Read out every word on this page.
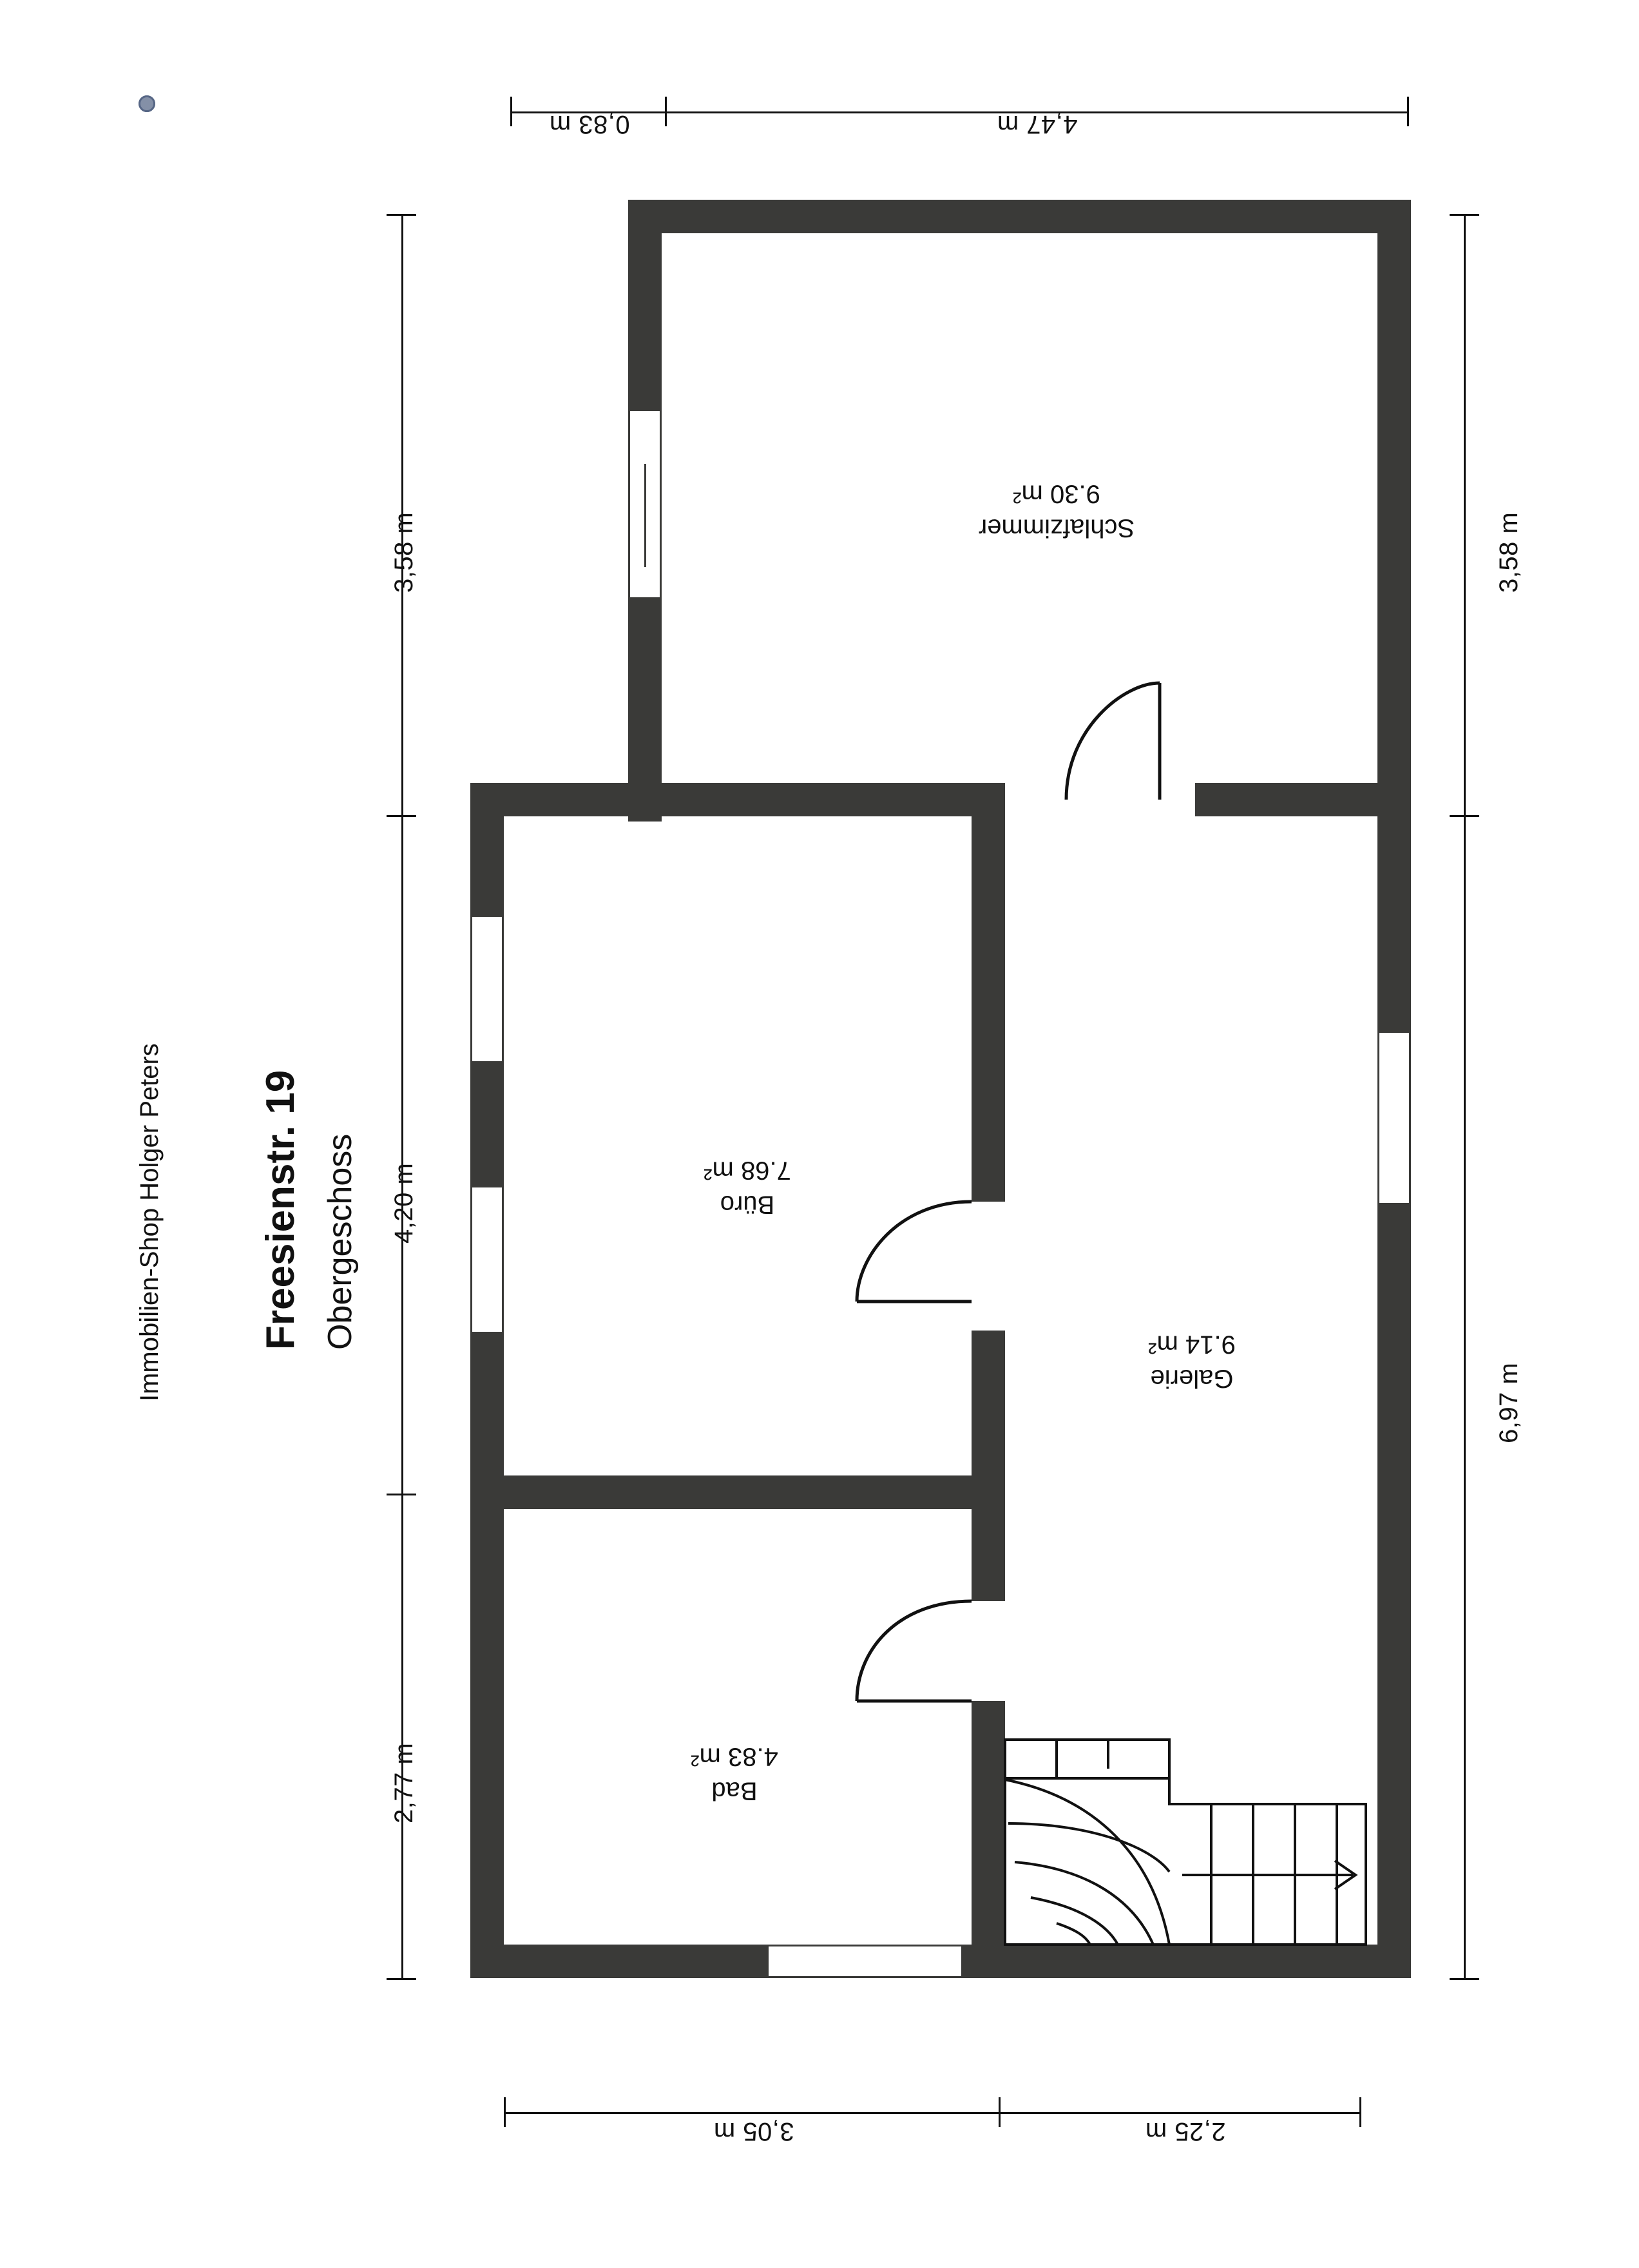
Immobilien-Shop Holger Peters Freesienstr. 19 Obergeschoss
0,83 m	4,47 m
3,58 m
4,20 m
2,77 m
3,58 m
6,97 m
3,05 m	2,25 m
Schlafzimmer
9.30 m²
Büro
7.68 m²
Galerie
9.14 m²
Bad
4.83 m²
